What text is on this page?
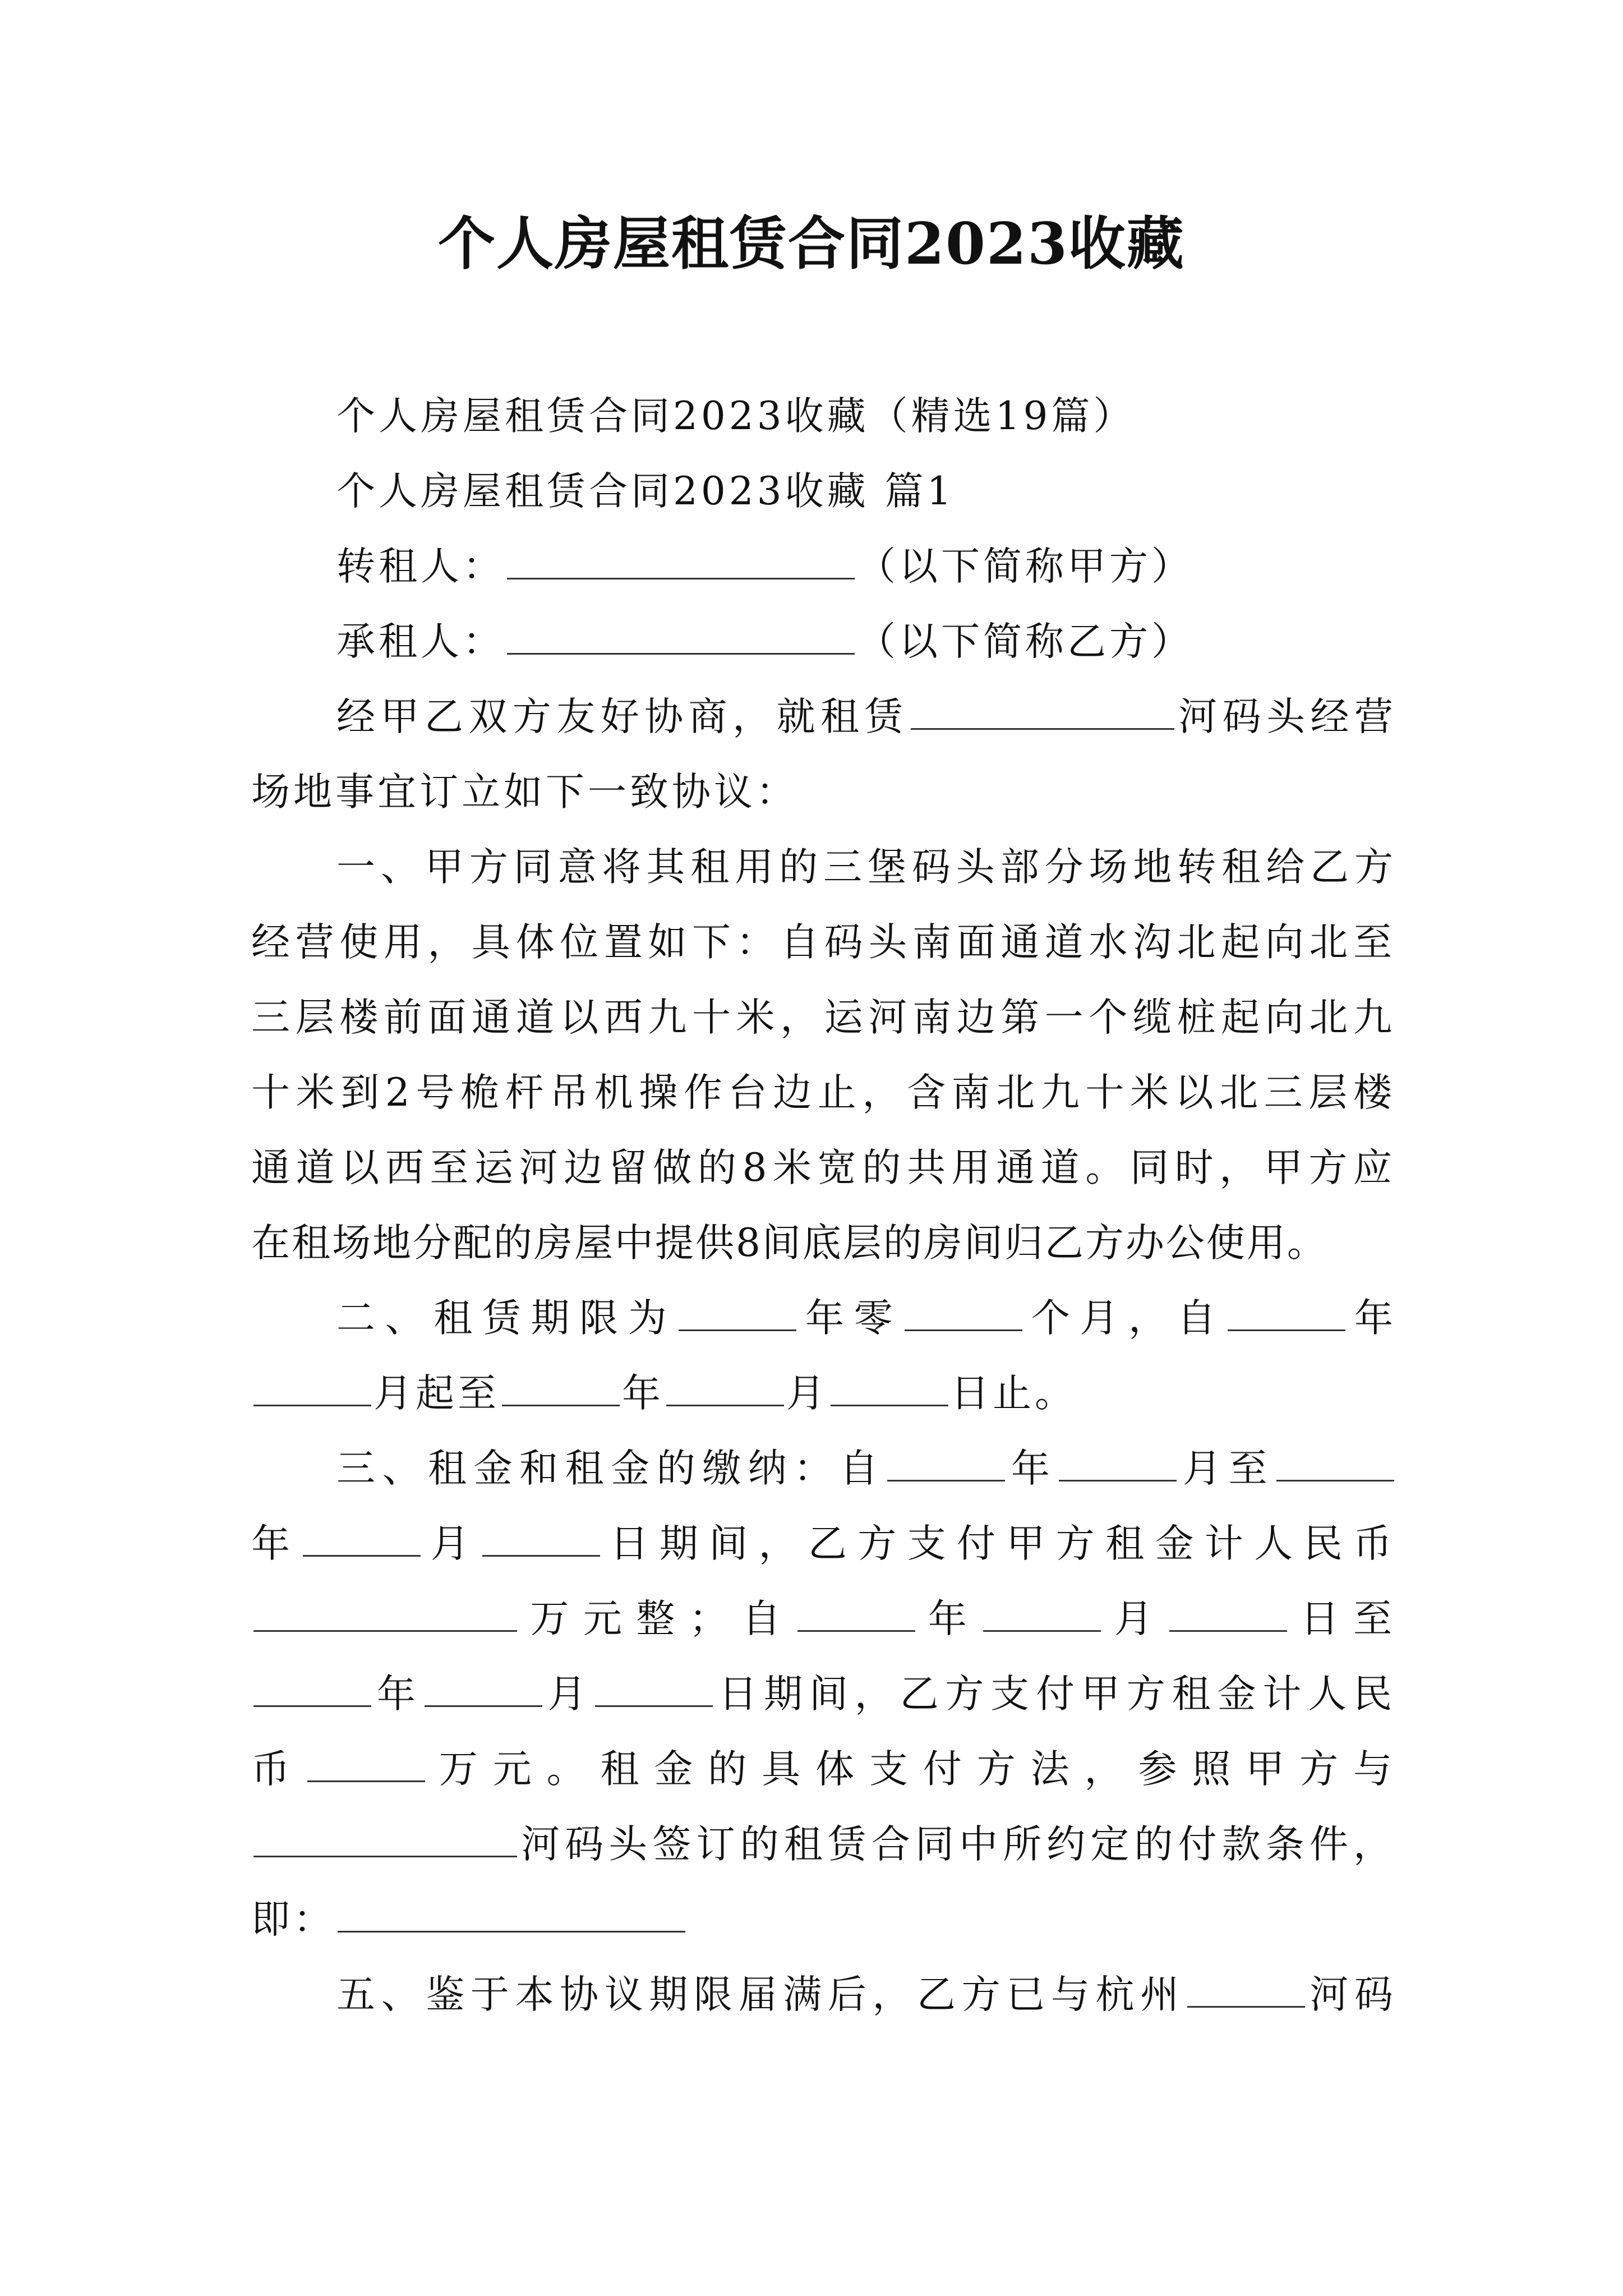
个人房屋租赁合同2023收藏
个人房屋租赁合同2023收藏（精选19篇）
个人房屋租赁合同2023收藏 篇1
转租人：	（以下简称甲方）
承租人：	（以下简称乙方）
经甲乙双方友好协商，就租赁	河码头经营
场地事宜订立如下一致协议：
一、甲方同意将其租用的三堡码头部分场地转租给乙方
经营使用，具体位置如下：自码头南面通道水沟北起向北至
三层楼前面通道以西九十米，运河南边第一个缆桩起向北九
十米到2号桅杆吊机操作台边止，含南北九十米以北三层楼
通道以西至运河边留做的8米宽的共用通道。同时，甲方应
在租场地分配的房屋中提供8间底层的房间归乙方办公使用。
二、租赁期限为	年零	个月，自	年
月起至	年	月	日止。
三、租金和租金的缴纳：自	年	月至
年	月	日期间，乙方支付甲方租金计人民币
万元整；自	年	月	日至
年	月	日期间，乙方支付甲方租金计人民
币	万元。租金的具体支付方法，参照甲方与
河码头签订的租赁合同中所约定的付款条件，
即：
五、鉴于本协议期限届满后，乙方已与杭州	河码
